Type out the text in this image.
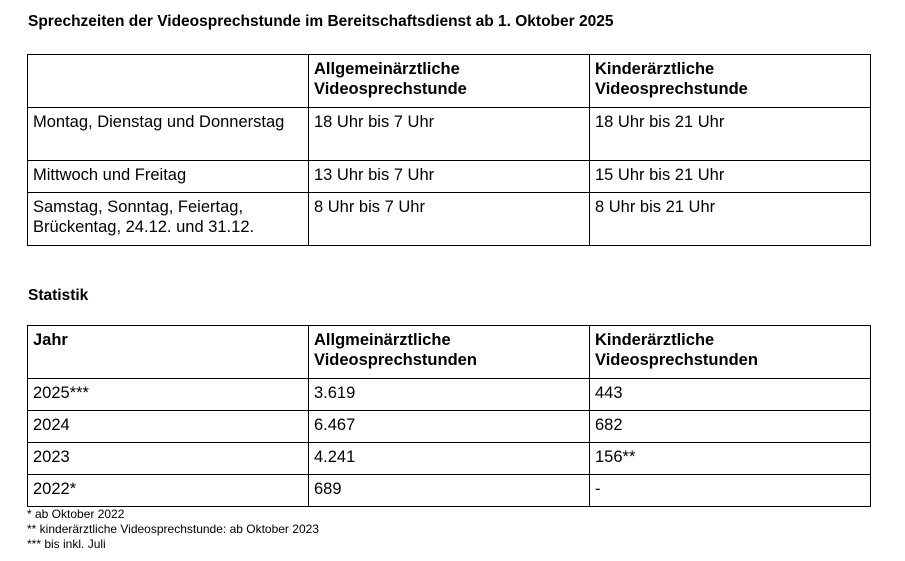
Sprechzeiten der Videosprechstunde im Bereitschaftsdienst ab 1. Oktober 2025
	Allgemeinärztliche Videosprechstunde	Kinderärztliche Videosprechstunde
Montag, Dienstag und Donnerstag	18 Uhr bis 7 Uhr	18 Uhr bis 21 Uhr
Mittwoch und Freitag	13 Uhr bis 7 Uhr	15 Uhr bis 21 Uhr
Samstag, Sonntag, Feiertag, Brückentag, 24.12. und 31.12.	8 Uhr bis 7 Uhr	8 Uhr bis 21 Uhr
Statistik
Jahr	Allgmeinärztliche Videosprechstunden	Kinderärztliche Videosprechstunden
2025***	3.619	443
2024	6.467	682
2023	4.241	156**
2022*	689	-
* ab Oktober 2022
** kinderärztliche Videosprechstunde: ab Oktober 2023
*** bis inkl. Juli
